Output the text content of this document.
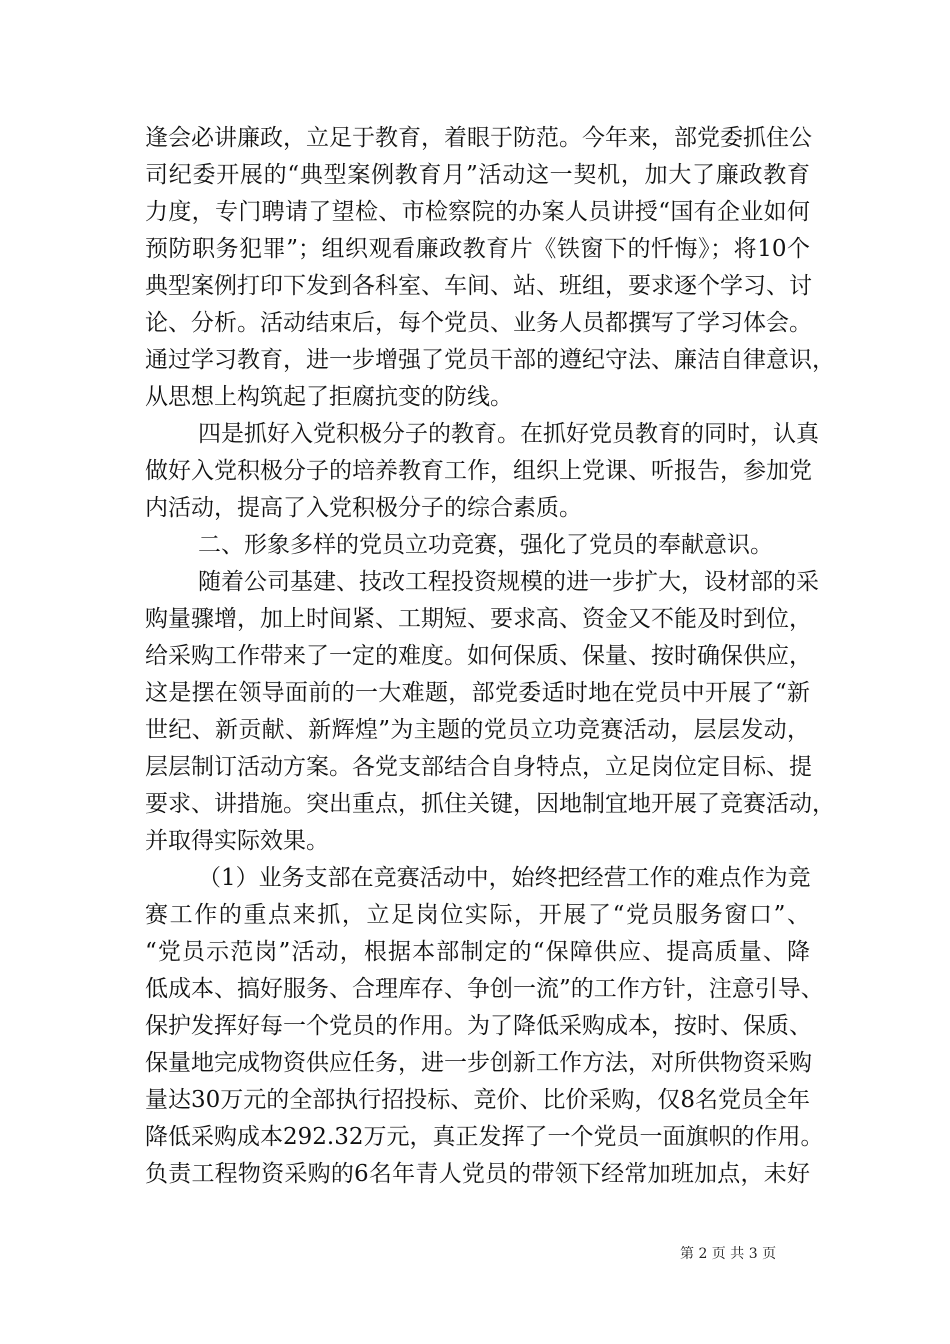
逢会必讲廉政，立足于教育，着眼于防范。今年来，部党委抓住公
司纪委开展的“典型案例教育月”活动这一契机，加大了廉政教育
力度，专门聘请了望检、市检察院的办案人员讲授“国有企业如何
预防职务犯罪”；组织观看廉政教育片《铁窗下的忏悔》；将10个
典型案例打印下发到各科室、车间、站、班组，要求逐个学习、讨
论、分析。活动结束后，每个党员、业务人员都撰写了学习体会。
通过学习教育，进一步增强了党员干部的遵纪守法、廉洁自律意识，
从思想上构筑起了拒腐抗变的防线。
四是抓好入党积极分子的教育。在抓好党员教育的同时，认真
做好入党积极分子的培养教育工作，组织上党课、听报告，参加党
内活动，提高了入党积极分子的综合素质。
二、形象多样的党员立功竞赛，强化了党员的奉献意识。
随着公司基建、技改工程投资规模的进一步扩大，设材部的采
购量骤增，加上时间紧、工期短、要求高、资金又不能及时到位，
给采购工作带来了一定的难度。如何保质、保量、按时确保供应，
这是摆在领导面前的一大难题，部党委适时地在党员中开展了“新
世纪、新贡献、新辉煌”为主题的党员立功竞赛活动，层层发动，
层层制订活动方案。各党支部结合自身特点，立足岗位定目标、提
要求、讲措施。突出重点，抓住关键，因地制宜地开展了竞赛活动，
并取得实际效果。
（1）业务支部在竞赛活动中，始终把经营工作的难点作为竞
赛工作的重点来抓，立足岗位实际，开展了“党员服务窗口”、
“党员示范岗”活动，根据本部制定的“保障供应、提高质量、降
低成本、搞好服务、合理库存、争创一流”的工作方针，注意引导、
保护发挥好每一个党员的作用。为了降低采购成本，按时、保质、
保量地完成物资供应任务，进一步创新工作方法，对所供物资采购
量达30万元的全部执行招投标、竞价、比价采购，仅8名党员全年
降低采购成本292.32万元，真正发挥了一个党员一面旗帜的作用。
负责工程物资采购的6名年青人党员的带领下经常加班加点，未好
第 2 页 共 3 页
